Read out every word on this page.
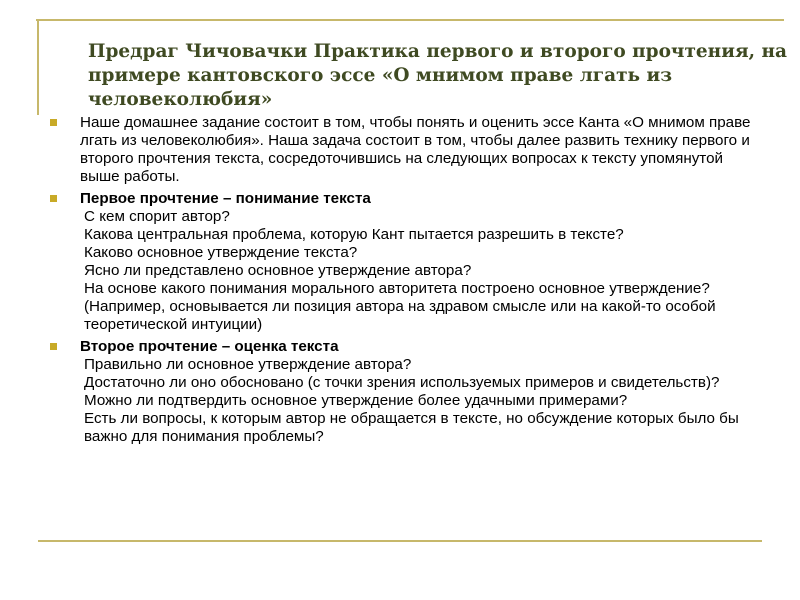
Предраг Чичовачки Практика первого и второго прочтения, на примере кантовского эссе «О мнимом праве лгать из человеколюбия»
Наше домашнее задание состоит в том, чтобы понять и оценить эссе Канта «О мнимом праве лгать из человеколюбия». Наша задача состоит в том, чтобы далее развить технику первого и второго прочтения текста, сосредоточившись на следующих вопросах к тексту упомянутой выше работы.
Первое прочтение – понимание текста
С кем спорит автор?
Какова центральная проблема, которую Кант пытается разрешить в тексте?
Каково основное утверждение текста?
Ясно ли представлено основное утверждение автора?
На основе какого понимания морального авторитета построено основное утверждение? (Например, основывается ли позиция автора на здравом смысле или на какой-то особой теоретической интуиции)
Второе прочтение – оценка текста
Правильно ли основное утверждение автора?
Достаточно ли оно обосновано (с точки зрения используемых примеров и свидетельств)?
Можно ли подтвердить основное утверждение более удачными примерами?
Есть ли вопросы, к которым автор не обращается в тексте, но обсуждение которых было бы важно для понимания проблемы?
